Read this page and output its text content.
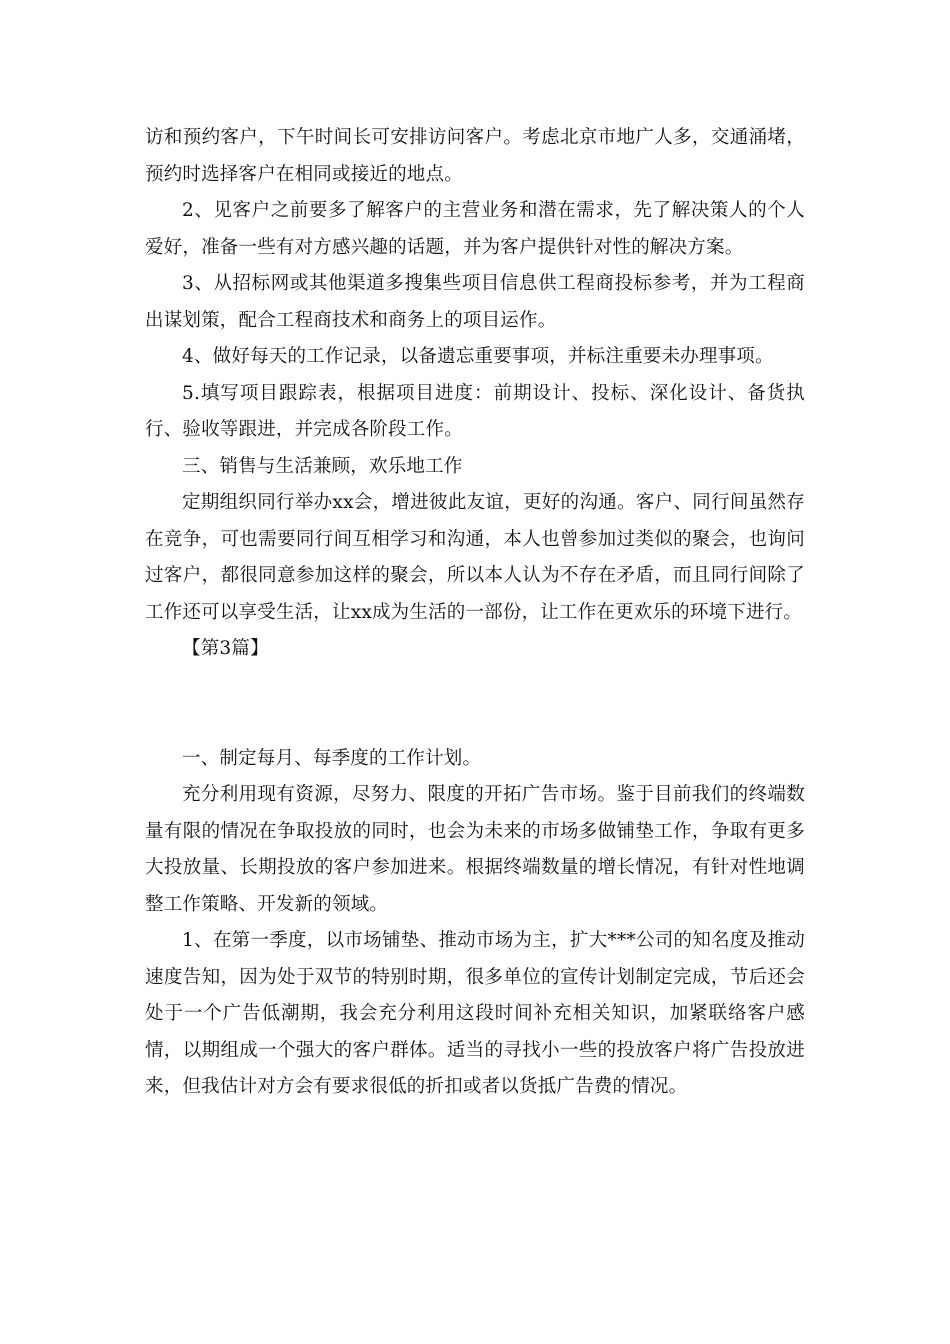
访和预约客户，下午时间长可安排访问客户。考虑北京市地广人多，交通涌堵，预约时选择客户在相同或接近的地点。

2、见客户之前要多了解客户的主营业务和潜在需求，先了解决策人的个人爱好，准备一些有对方感兴趣的话题，并为客户提供针对性的解决方案。

3、从招标网或其他渠道多搜集些项目信息供工程商投标参考，并为工程商出谋划策，配合工程商技术和商务上的项目运作。

4、做好每天的工作记录，以备遗忘重要事项，并标注重要未办理事项。

5.填写项目跟踪表，根据项目进度：前期设计、投标、深化设计、备货执行、验收等跟进，并完成各阶段工作。

三、销售与生活兼顾，欢乐地工作

定期组织同行举办xx会，增进彼此友谊，更好的沟通。客户、同行间虽然存在竞争，可也需要同行间互相学习和沟通，本人也曾参加过类似的聚会，也询问过客户，都很同意参加这样的聚会，所以本人认为不存在矛盾，而且同行间除了工作还可以享受生活，让xx成为生活的一部份，让工作在更欢乐的环境下进行。

【第3篇】

一、制定每月、每季度的工作计划。

充分利用现有资源，尽努力、限度的开拓广告市场。鉴于目前我们的终端数量有限的情况在争取投放的同时，也会为未来的市场多做铺垫工作，争取有更多大投放量、长期投放的客户参加进来。根据终端数量的增长情况，有针对性地调整工作策略、开发新的领域。

1、在第一季度，以市场铺垫、推动市场为主，扩大***公司的知名度及推动速度告知，因为处于双节的特别时期，很多单位的宣传计划制定完成，节后还会处于一个广告低潮期，我会充分利用这段时间补充相关知识，加紧联络客户感情，以期组成一个强大的客户群体。适当的寻找小一些的投放客户将广告投放进来，但我估计对方会有要求很低的折扣或者以货抵广告费的情况。
